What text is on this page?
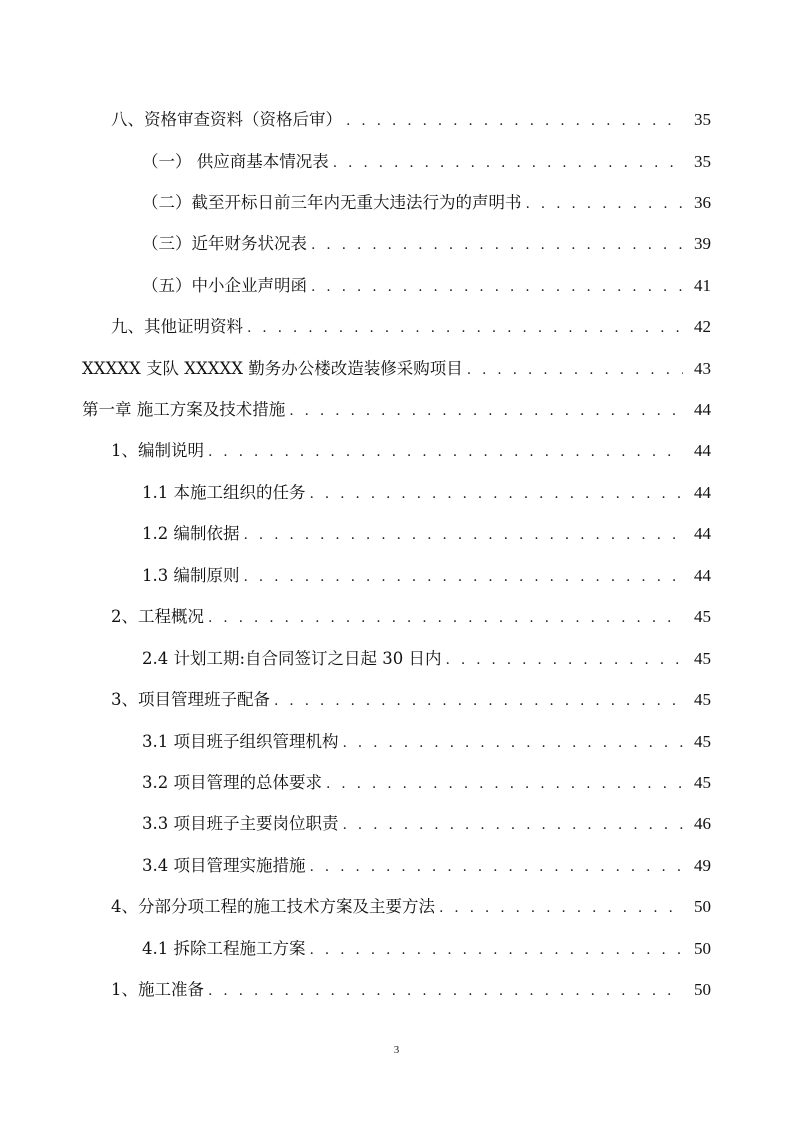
八、资格审查资料（资格后审） . . .	35
（一） 供应商基本情况表 . . .	35
（二）截至开标日前三年内无重大违法行为的声明书 . . .	36
（三）近年财务状况表 . . .	39
（五）中小企业声明函 . . .	41
九、其他证明资料 . . .	42
XXXXX 支队 XXXXX 勤务办公楼改造装修采购项目 . . .	43
第一章 施工方案及技术措施 . . .	44
1、编制说明 . . .	44
1.1 本施工组织的任务 . . .	44
1.2 编制依据 . . .	44
1.3 编制原则 . . .	44
2、工程概况 . . .	45
2.4 计划工期:自合同签订之日起 30 日内 . . .	45
3、项目管理班子配备 . . .	45
3.1 项目班子组织管理机构 . . .	45
3.2 项目管理的总体要求 . . .	45
3.3 项目班子主要岗位职责 . . .	46
3.4 项目管理实施措施 . . .	49
4、分部分项工程的施工技术方案及主要方法 . . .	50
4.1 拆除工程施工方案 . . .	50
1、施工准备 . . .	50
3
